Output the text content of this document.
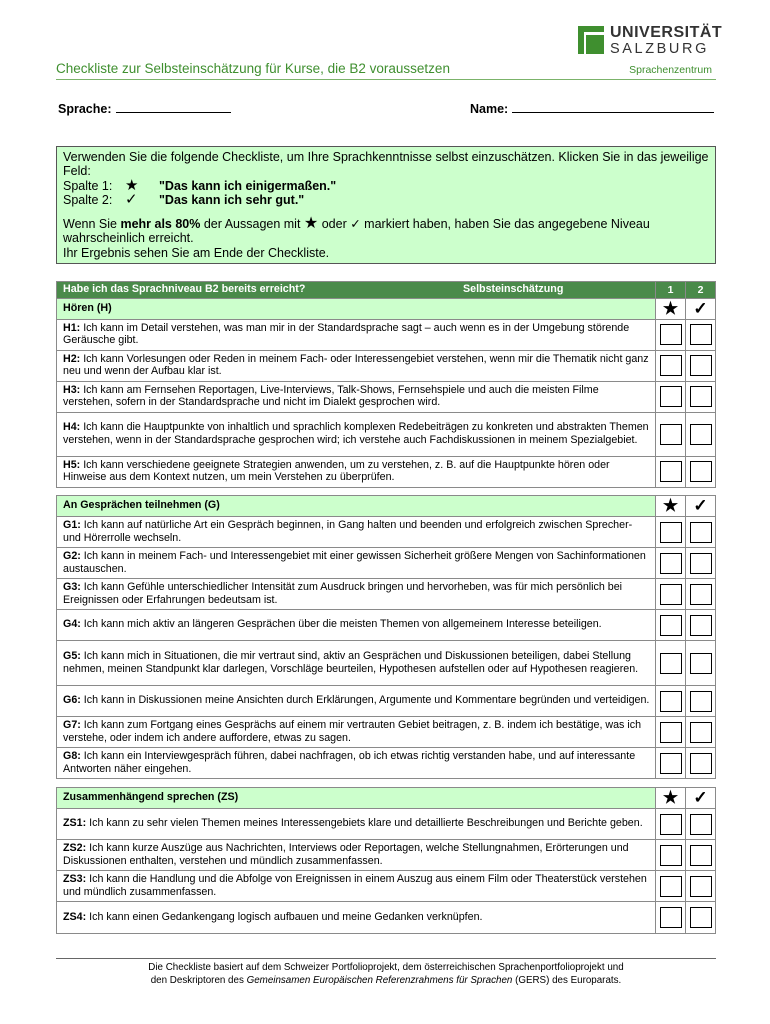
UNIVERSITÄT
SALZBURG
Checkliste zur Selbsteinschätzung für Kurse, die B2 voraussetzen	Sprachenzentrum
Sprache:	Name:

Verwenden Sie die folgende Checkliste, um Ihre Sprachkenntnisse selbst einzuschätzen. Klicken Sie in das jeweilige Feld:

Spalte 1: ★ "Das kann ich einigermaßen."

Spalte 2: ✓ "Das kann ich sehr gut."

Wenn Sie mehr als 80% der Aussagen mit ★ oder ✓ markiert haben, haben Sie das angegebene Niveau wahrscheinlich erreicht.

Ihr Ergebnis sehen Sie am Ende der Checkliste.

Habe ich das Sprachniveau B2 bereits erreicht? Selbsteinschätzung	1	2
Hören (H)	★	✓
H1: Ich kann im Detail verstehen, was man mir in der Standardsprache sagt – auch wenn es in der Umgebung störende Geräusche gibt.		
H2: Ich kann Vorlesungen oder Reden in meinem Fach- oder Interessengebiet verstehen, wenn mir die Thematik nicht ganz neu und wenn der Aufbau klar ist.		
H3: Ich kann am Fernsehen Reportagen, Live-Interviews, Talk-Shows, Fernsehspiele und auch die meisten Filme verstehen, sofern in der Standardsprache und nicht im Dialekt gesprochen wird.		
H4: Ich kann die Hauptpunkte von inhaltlich und sprachlich komplexen Redebeiträgen zu konkreten und abstrakten Themen verstehen, wenn in der Standardsprache gesprochen wird; ich verstehe auch Fachdiskussionen in meinem Spezialgebiet.		
H5: Ich kann verschiedene geeignete Strategien anwenden, um zu verstehen, z. B. auf die Hauptpunkte hören oder Hinweise aus dem Kontext nutzen, um mein Verstehen zu überprüfen.		
An Gesprächen teilnehmen (G)	★	✓
G1: Ich kann auf natürliche Art ein Gespräch beginnen, in Gang halten und beenden und erfolgreich zwischen Sprecher- und Hörerrolle wechseln.		
G2: Ich kann in meinem Fach- und Interessengebiet mit einer gewissen Sicherheit größere Mengen von Sachinformationen austauschen.		
G3: Ich kann Gefühle unterschiedlicher Intensität zum Ausdruck bringen und hervorheben, was für mich persönlich bei Ereignissen oder Erfahrungen bedeutsam ist.		
G4: Ich kann mich aktiv an längeren Gesprächen über die meisten Themen von allgemeinem Interesse beteiligen.		
G5: Ich kann mich in Situationen, die mir vertraut sind, aktiv an Gesprächen und Diskussionen beteiligen, dabei Stellung nehmen, meinen Standpunkt klar darlegen, Vorschläge beurteilen, Hypothesen aufstellen oder auf Hypothesen reagieren.		
G6: Ich kann in Diskussionen meine Ansichten durch Erklärungen, Argumente und Kommentare begründen und verteidigen.		
G7: Ich kann zum Fortgang eines Gesprächs auf einem mir vertrauten Gebiet beitragen, z. B. indem ich bestätige, was ich verstehe, oder indem ich andere auffordere, etwas zu sagen.		
G8: Ich kann ein Interviewgespräch führen, dabei nachfragen, ob ich etwas richtig verstanden habe, und auf interessante Antworten näher eingehen.		
Zusammenhängend sprechen (ZS)	★	✓
ZS1: Ich kann zu sehr vielen Themen meines Interessengebiets klare und detaillierte Beschreibungen und Berichte geben.		
ZS2: Ich kann kurze Auszüge aus Nachrichten, Interviews oder Reportagen, welche Stellungnahmen, Erörterungen und Diskussionen enthalten, verstehen und mündlich zusammenfassen.		
ZS3: Ich kann die Handlung und die Abfolge von Ereignissen in einem Auszug aus einem Film oder Theaterstück verstehen und mündlich zusammenfassen.		
ZS4: Ich kann einen Gedankengang logisch aufbauen und meine Gedanken verknüpfen.		
Die Checkliste basiert auf dem Schweizer Portfolioprojekt, dem österreichischen Sprachenportfolioprojekt und
den Deskriptoren des Gemeinsamen Europäischen Referenzrahmens für Sprachen (GERS) des Europarats.
